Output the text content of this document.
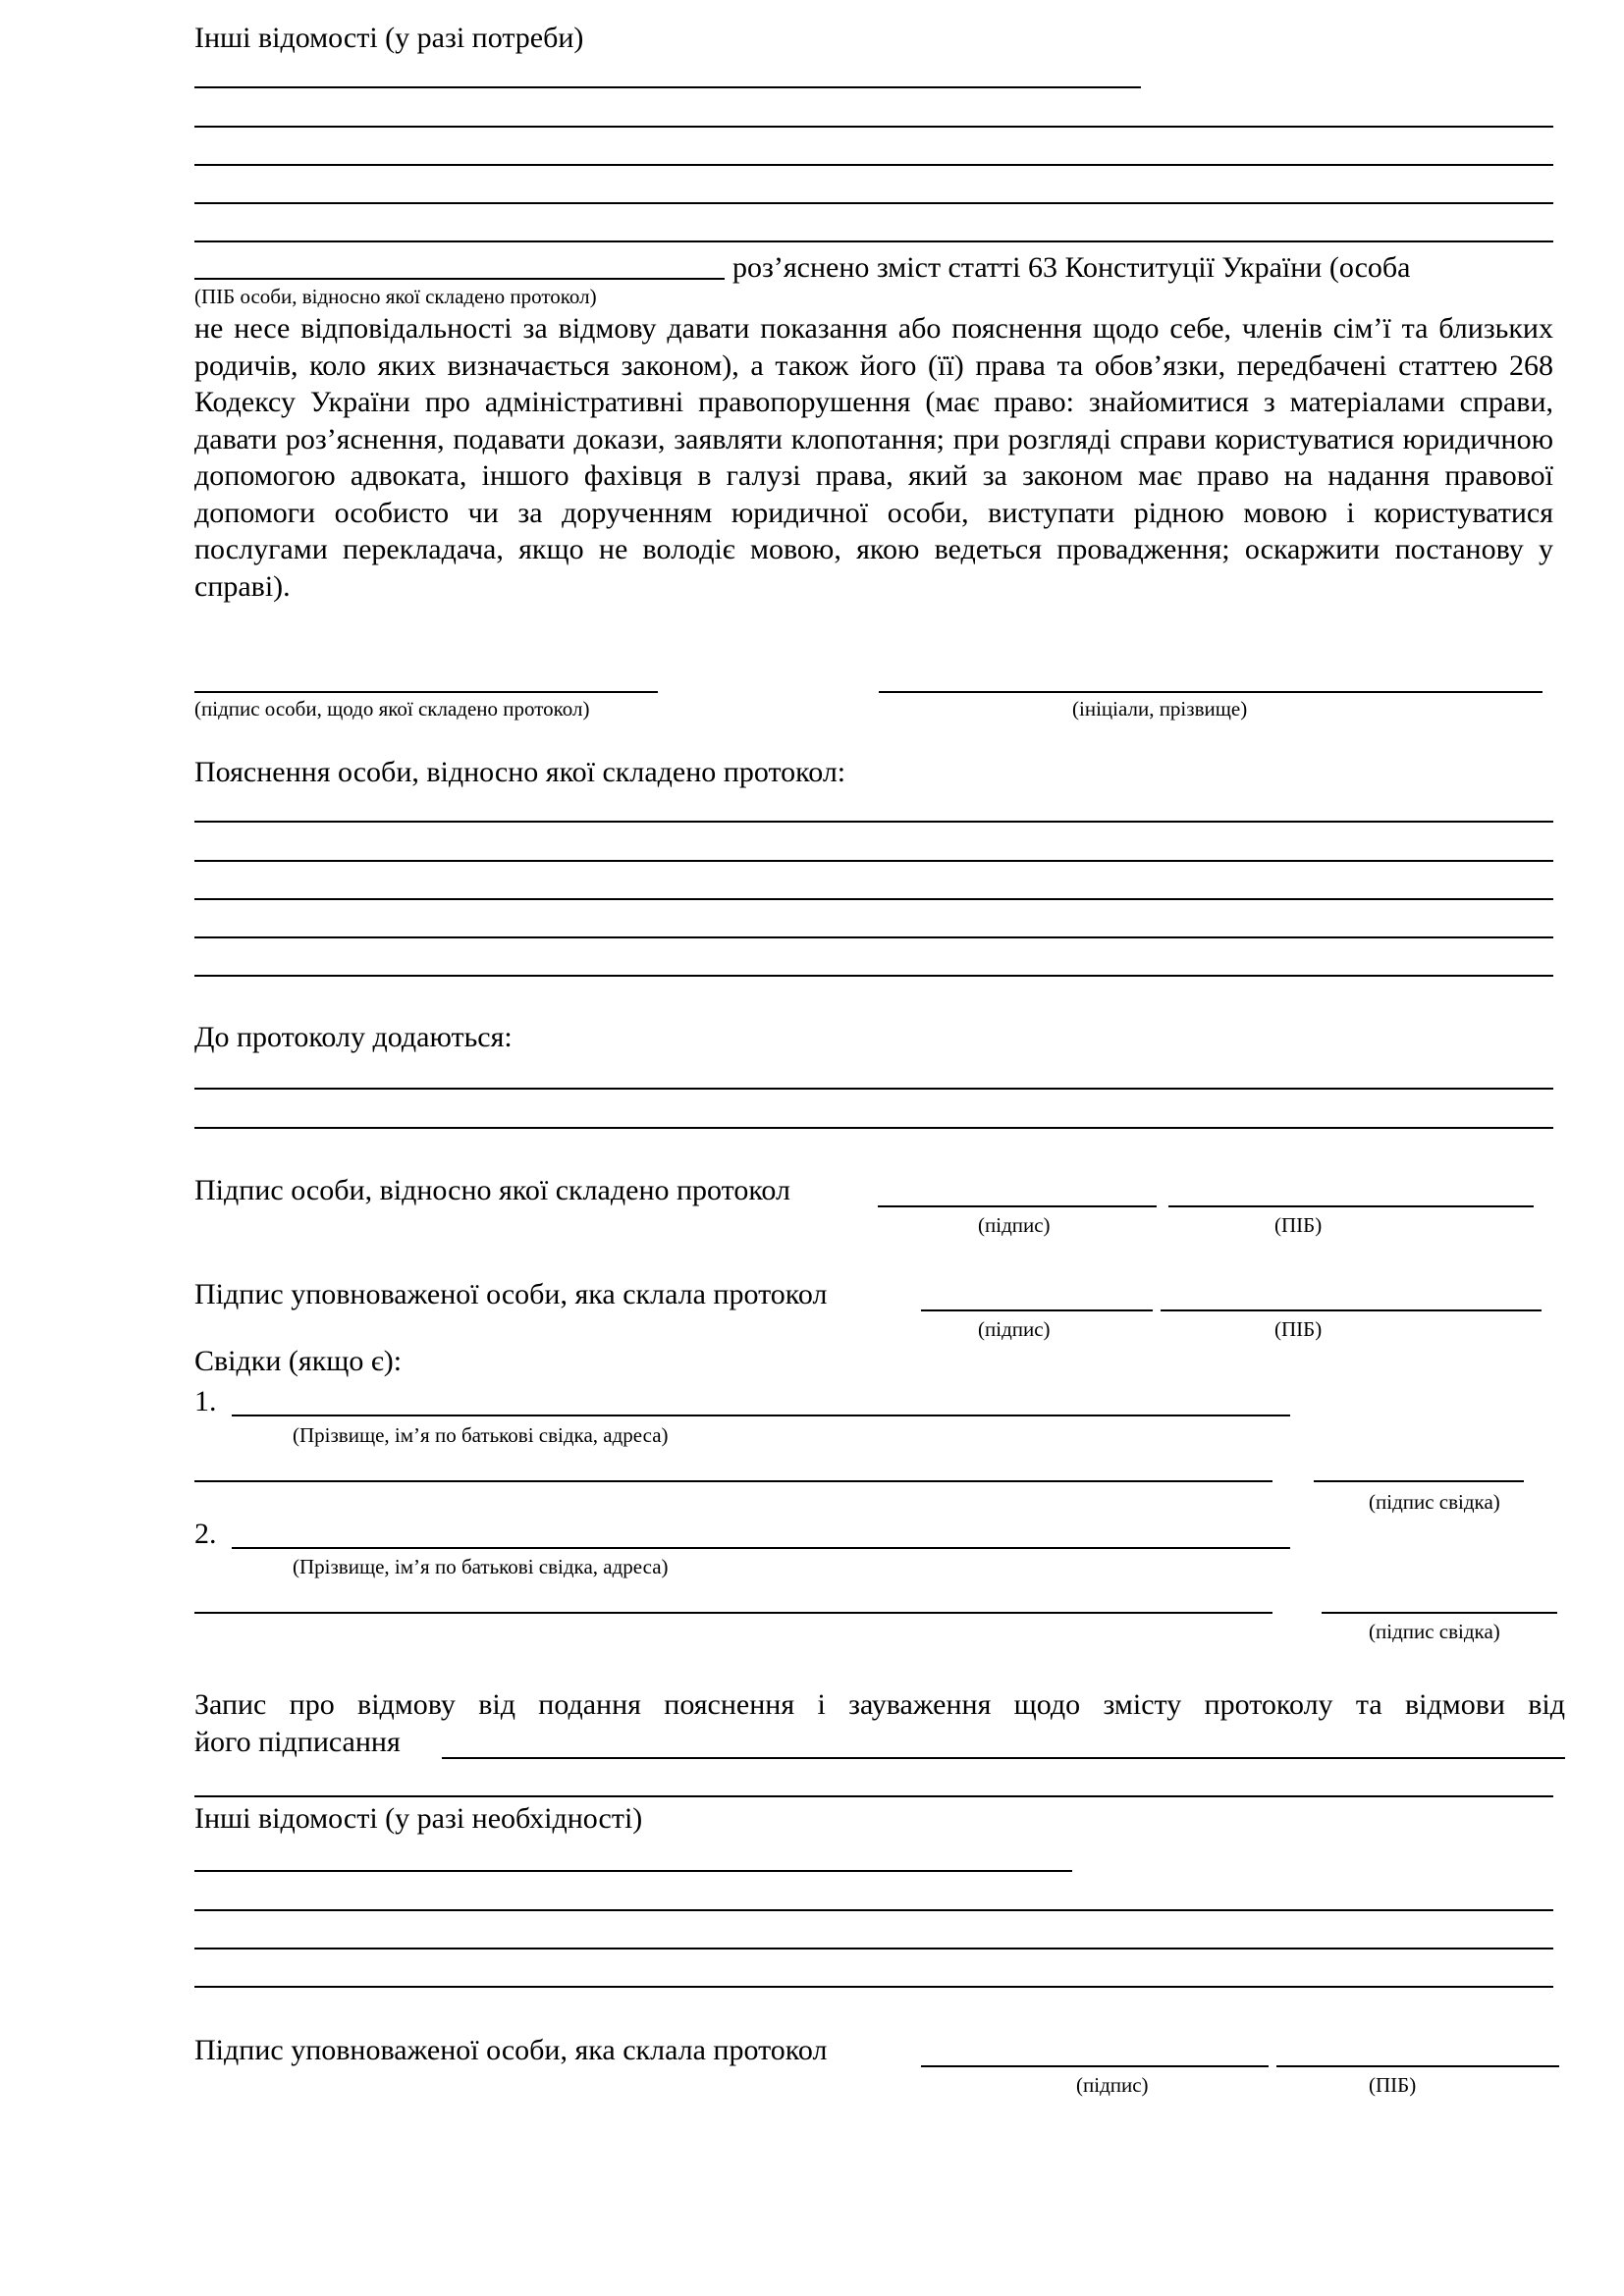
Інші відомості (у разі потреби)
роз’яснено зміст статті 63 Конституції України (особа
(ПІБ особи, відносно якої складено протокол)
не несе відповідальності за відмову давати показання або пояснення щодо себе, членів сім’ї та близьких родичів, коло яких визначається законом), а також його (її) права та обов’язки, передбачені статтею 268 Кодексу України про адміністративні правопорушення (має право: знайомитися з матеріалами справи, давати роз’яснення, подавати докази, заявляти клопотання; при розгляді справи користуватися юридичною допомогою адвоката, іншого фахівця в галузі права, який за законом має право на надання правової допомоги особисто чи за дорученням юридичної особи, виступати рідною мовою і користуватися послугами перекладача, якщо не володіє мовою, якою ведеться провадження; оскаржити постанову у справі).
(підпис особи, щодо якої складено протокол)	(ініціали, прізвище)
Пояснення особи, відносно якої складено протокол:
До протоколу додаються:
Підпис особи, відносно якої складено протокол
(підпис)	(ПІБ)
Підпис уповноваженої особи, яка склала протокол
(підпис)	(ПІБ)
Свідки (якщо є):
1.
(Прізвище, ім’я по батькові свідка, адреса)
(підпис свідка)
2.
(Прізвище, ім’я по батькові свідка, адреса)
(підпис свідка)
Запис про відмову від подання пояснення і зауваження щодо змісту протоколу та відмови від
його підписання
Інші відомості (у разі необхідності)
Підпис уповноваженої особи, яка склала протокол
(підпис)	(ПІБ)
